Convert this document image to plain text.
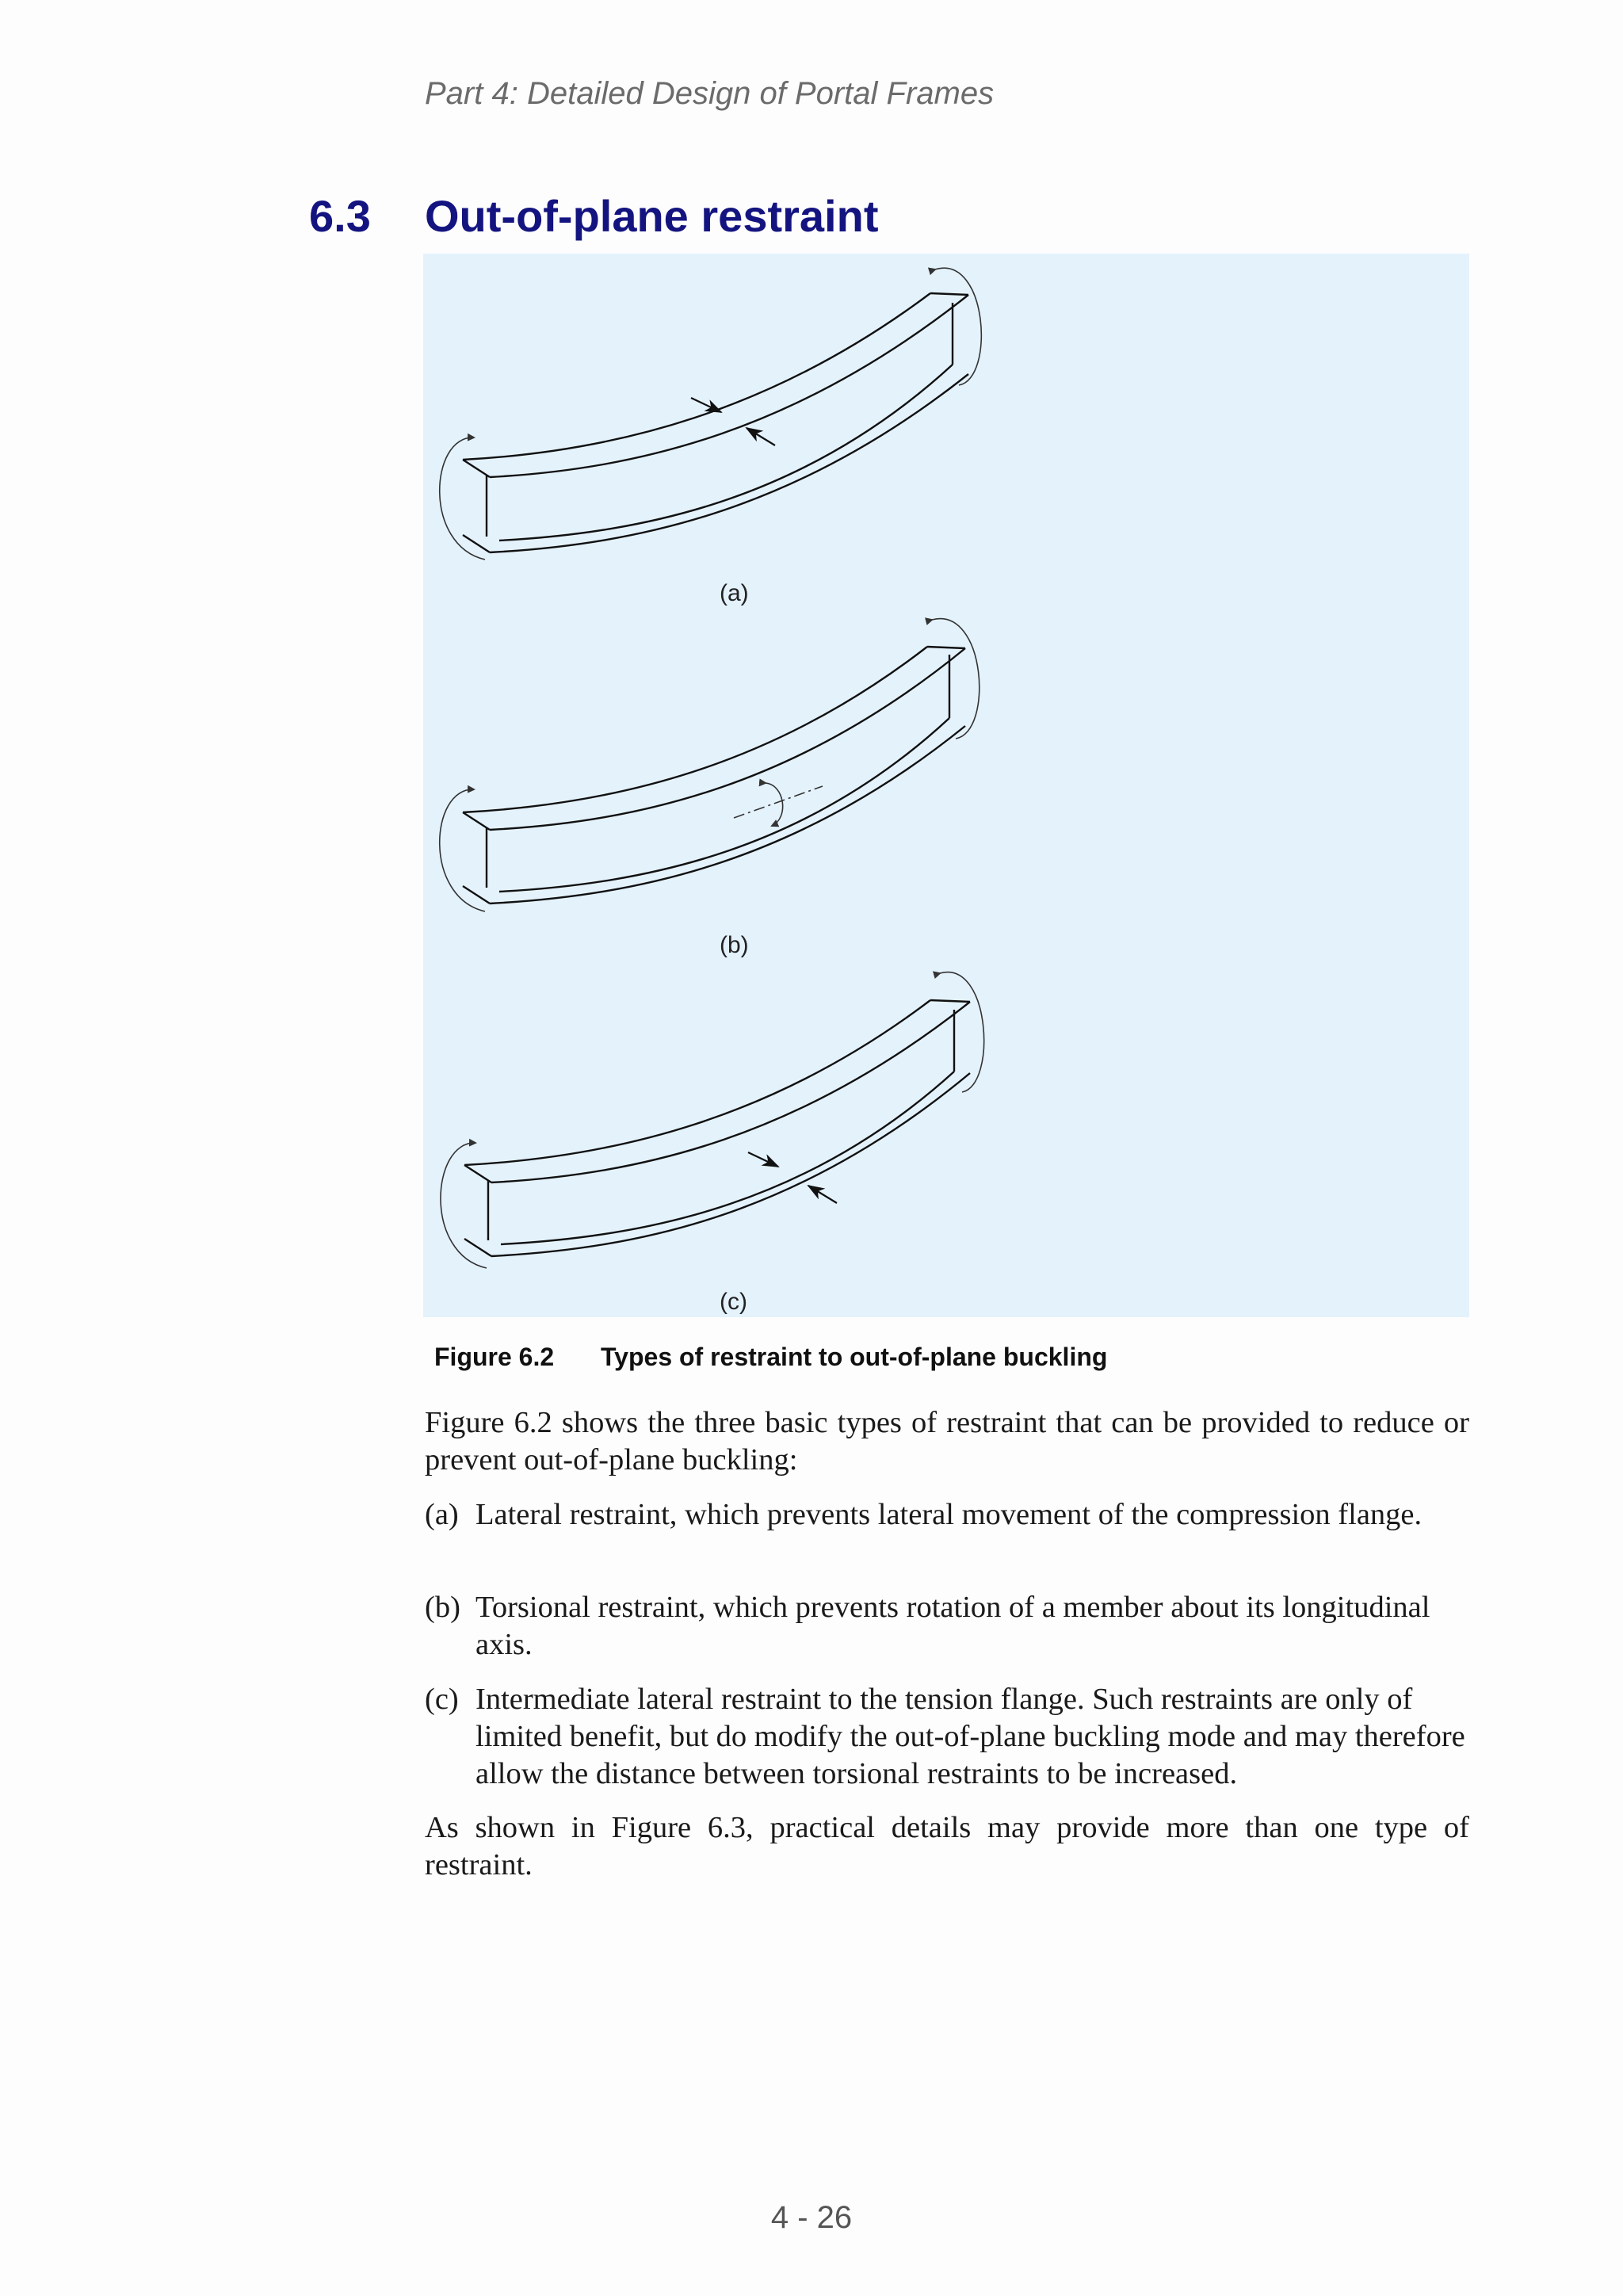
Part 4: Detailed Design of Portal Frames
6.3 Out-of-plane restraint
(a)
(b)
(c)
Figure 6.2 Types of restraint to out-of-plane buckling

Figure 6.2 shows the three basic types of restraint that can be provided to reduce or prevent out-of-plane buckling:

(a) Lateral restraint, which prevents lateral movement of the compression flange.
(b) Torsional restraint, which prevents rotation of a member about its longitudinal axis.
(c) Intermediate lateral restraint to the tension flange. Such restraints are only of limited benefit, but do modify the out-of-plane buckling mode and may therefore allow the distance between torsional restraints to be increased.

As shown in Figure 6.3, practical details may provide more than one type of restraint.

4 - 26
